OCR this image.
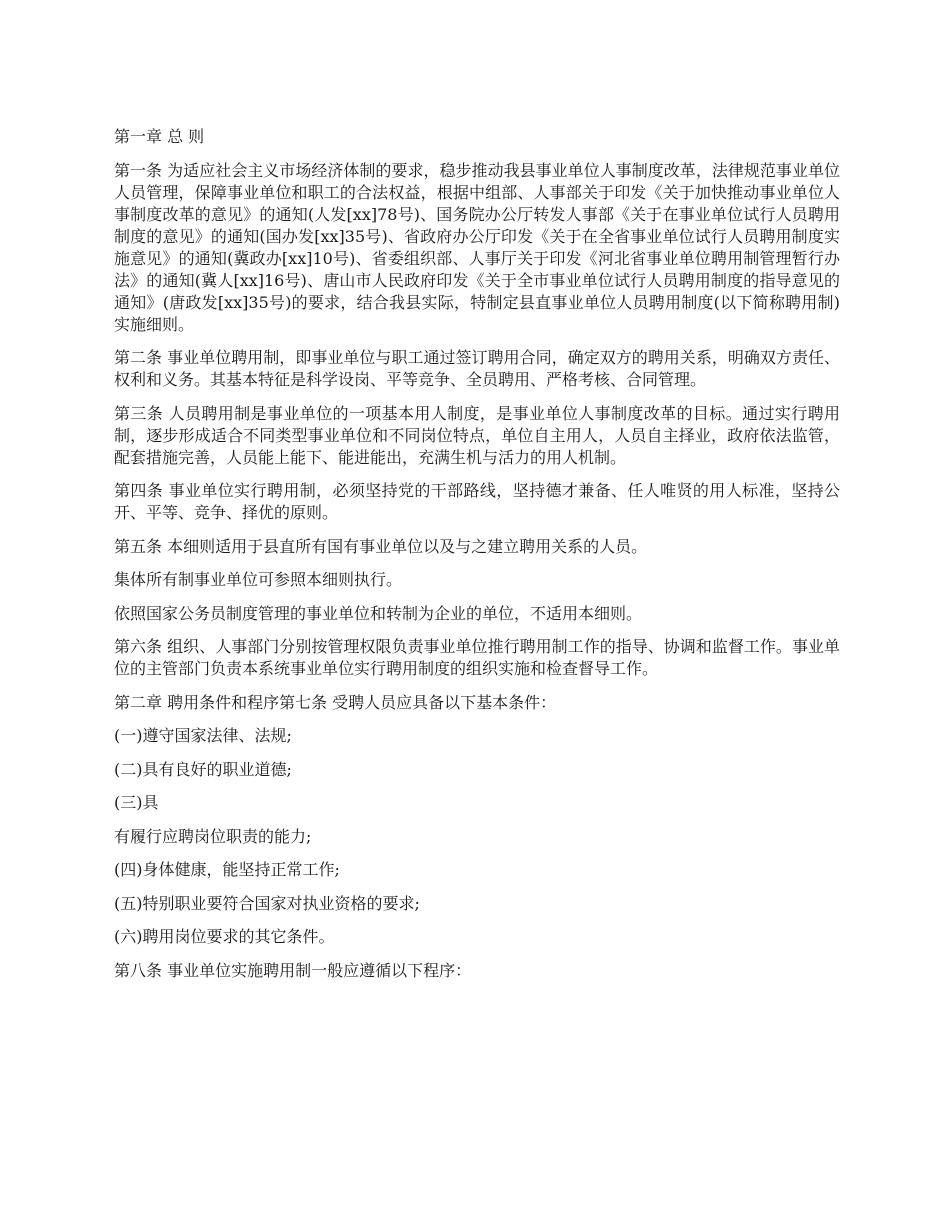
第一章 总 则

第一条 为适应社会主义市场经济体制的要求，稳步推动我县事业单位人事制度改革，法律规范事业单位人员管理，保障事业单位和职工的合法权益，根据中组部、人事部关于印发《关于加快推动事业单位人事制度改革的意见》的通知(人发[xx]78号)、国务院办公厅转发人事部《关于在事业单位试行人员聘用制度的意见》的通知(国办发[xx]35号)、省政府办公厅印发《关于在全省事业单位试行人员聘用制度实施意见》的通知(冀政办[xx]10号)、省委组织部、人事厅关于印发《河北省事业单位聘用制管理暂行办法》的通知(冀人[xx]16号)、唐山市人民政府印发《关于全市事业单位试行人员聘用制度的指导意见的通知》(唐政发[xx]35号)的要求，结合我县实际，特制定县直事业单位人员聘用制度(以下简称聘用制)实施细则。

第二条 事业单位聘用制，即事业单位与职工通过签订聘用合同，确定双方的聘用关系，明确双方责任、权利和义务。其基本特征是科学设岗、平等竞争、全员聘用、严格考核、合同管理。

第三条 人员聘用制是事业单位的一项基本用人制度，是事业单位人事制度改革的目标。通过实行聘用制，逐步形成适合不同类型事业单位和不同岗位特点，单位自主用人，人员自主择业，政府依法监管，配套措施完善，人员能上能下、能进能出，充满生机与活力的用人机制。

第四条 事业单位实行聘用制，必须坚持党的干部路线，坚持德才兼备、任人唯贤的用人标准，坚持公开、平等、竞争、择优的原则。

第五条 本细则适用于县直所有国有事业单位以及与之建立聘用关系的人员。

集体所有制事业单位可参照本细则执行。

依照国家公务员制度管理的事业单位和转制为企业的单位，不适用本细则。

第六条 组织、人事部门分别按管理权限负责事业单位推行聘用制工作的指导、协调和监督工作。事业单位的主管部门负责本系统事业单位实行聘用制度的组织实施和检查督导工作。

第二章 聘用条件和程序第七条 受聘人员应具备以下基本条件：

(一)遵守国家法律、法规;

(二)具有良好的职业道德;

(三)具

有履行应聘岗位职责的能力;

(四)身体健康，能坚持正常工作;

(五)特别职业要符合国家对执业资格的要求;

(六)聘用岗位要求的其它条件。

第八条 事业单位实施聘用制一般应遵循以下程序：
